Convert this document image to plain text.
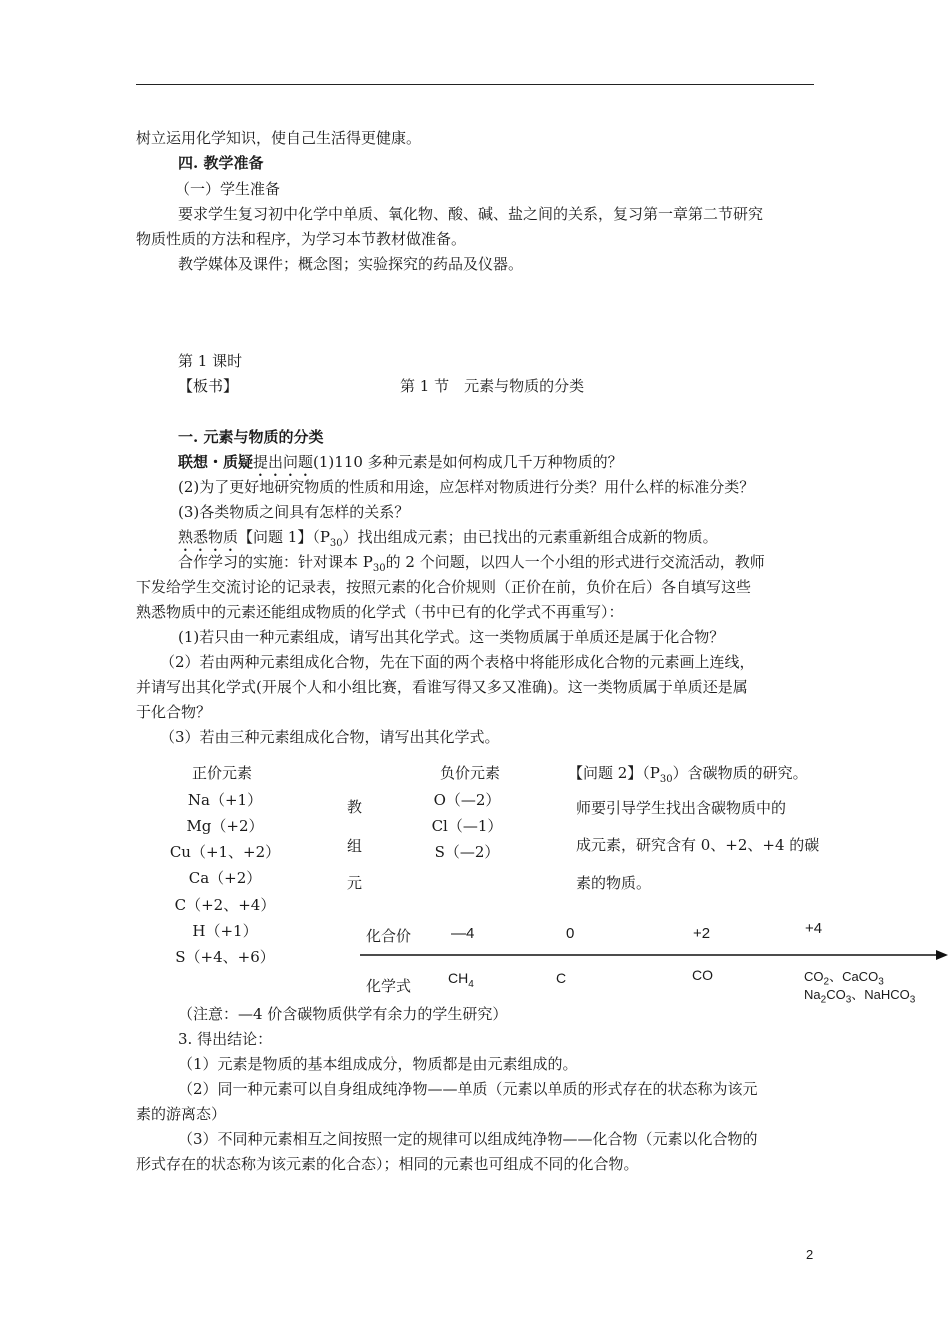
树立运用化学知识，使自己生活得更健康。
四. 教学准备
（一）学生准备
要求学生复习初中化学中单质、氧化物、酸、碱、盐之间的关系，复习第一章第二节研究
物质性质的方法和程序，为学习本节教材做准备。
教学媒体及课件；概念图；实验探究的药品及仪器。
第 1 课时
【板书】	第 1 节　元素与物质的分类
一. 元素与物质的分类
联想・质疑提出问题(1)110 多种元素是如何构成几千万种物质的？
(2)为了更好地研究物质的性质和用途，应怎样对物质进行分类？用什么样的标准分类？
(3)各类物质之间具有怎样的关系？
熟悉物质【问题 1】$(P_{30})$找出组成元素；由已找出的元素重新组合成新的物质。
合作学习的实施：针对课本 $P_{30}$的 2 个问题，以四人一个小组的形式进行交流活动，教师
下发给学生交流讨论的记录表，按照元素的化合价规则（正价在前，负价在后）各自填写这些
熟悉物质中的元素还能组成物质的化学式（书中已有的化学式不再重写）：
(1)若只由一种元素组成，请写出其化学式。这一类物质属于单质还是属于化合物？
（2）若由两种元素组成化合物，先在下面的两个表格中将能形成化合物的元素画上连线，
并请写出其化学式(开展个人和小组比赛，看谁写得又多又准确)。这一类物质属于单质还是属
于化合物？
（3）若由三种元素组成化合物，请写出其化学式。
正价元素
Na（+1）
Mg（+2）
Cu（+1、+2）
Ca（+2）
C（+2、+4）
H（+1）
S（+4、+6）
教
组
元
负价元素
O（—2）
Cl（—1）
S（—2）
【问题 2】$(P_{30})$含碳物质的研究。
师要引导学生找出含碳物质中的
成元素，研究含有 0、+2、+4 的碳
素的物质。
化合价	—4	0	+2	+4
化学式	$CH_4$	C	CO	$CO_2$、CaCO$_3$
$Na_2CO_3$、NaHCO$_3$
（注意：—4 价含碳物质供学有余力的学生研究）
3. 得出结论：
（1）元素是物质的基本组成成分，物质都是由元素组成的。
（2）同一种元素可以自身组成纯净物——单质（元素以单质的形式存在的状态称为该元
素的游离态）
（3）不同种元素相互之间按照一定的规律可以组成纯净物——化合物（元素以化合物的
形式存在的状态称为该元素的化合态）；相同的元素也可组成不同的化合物。
2
